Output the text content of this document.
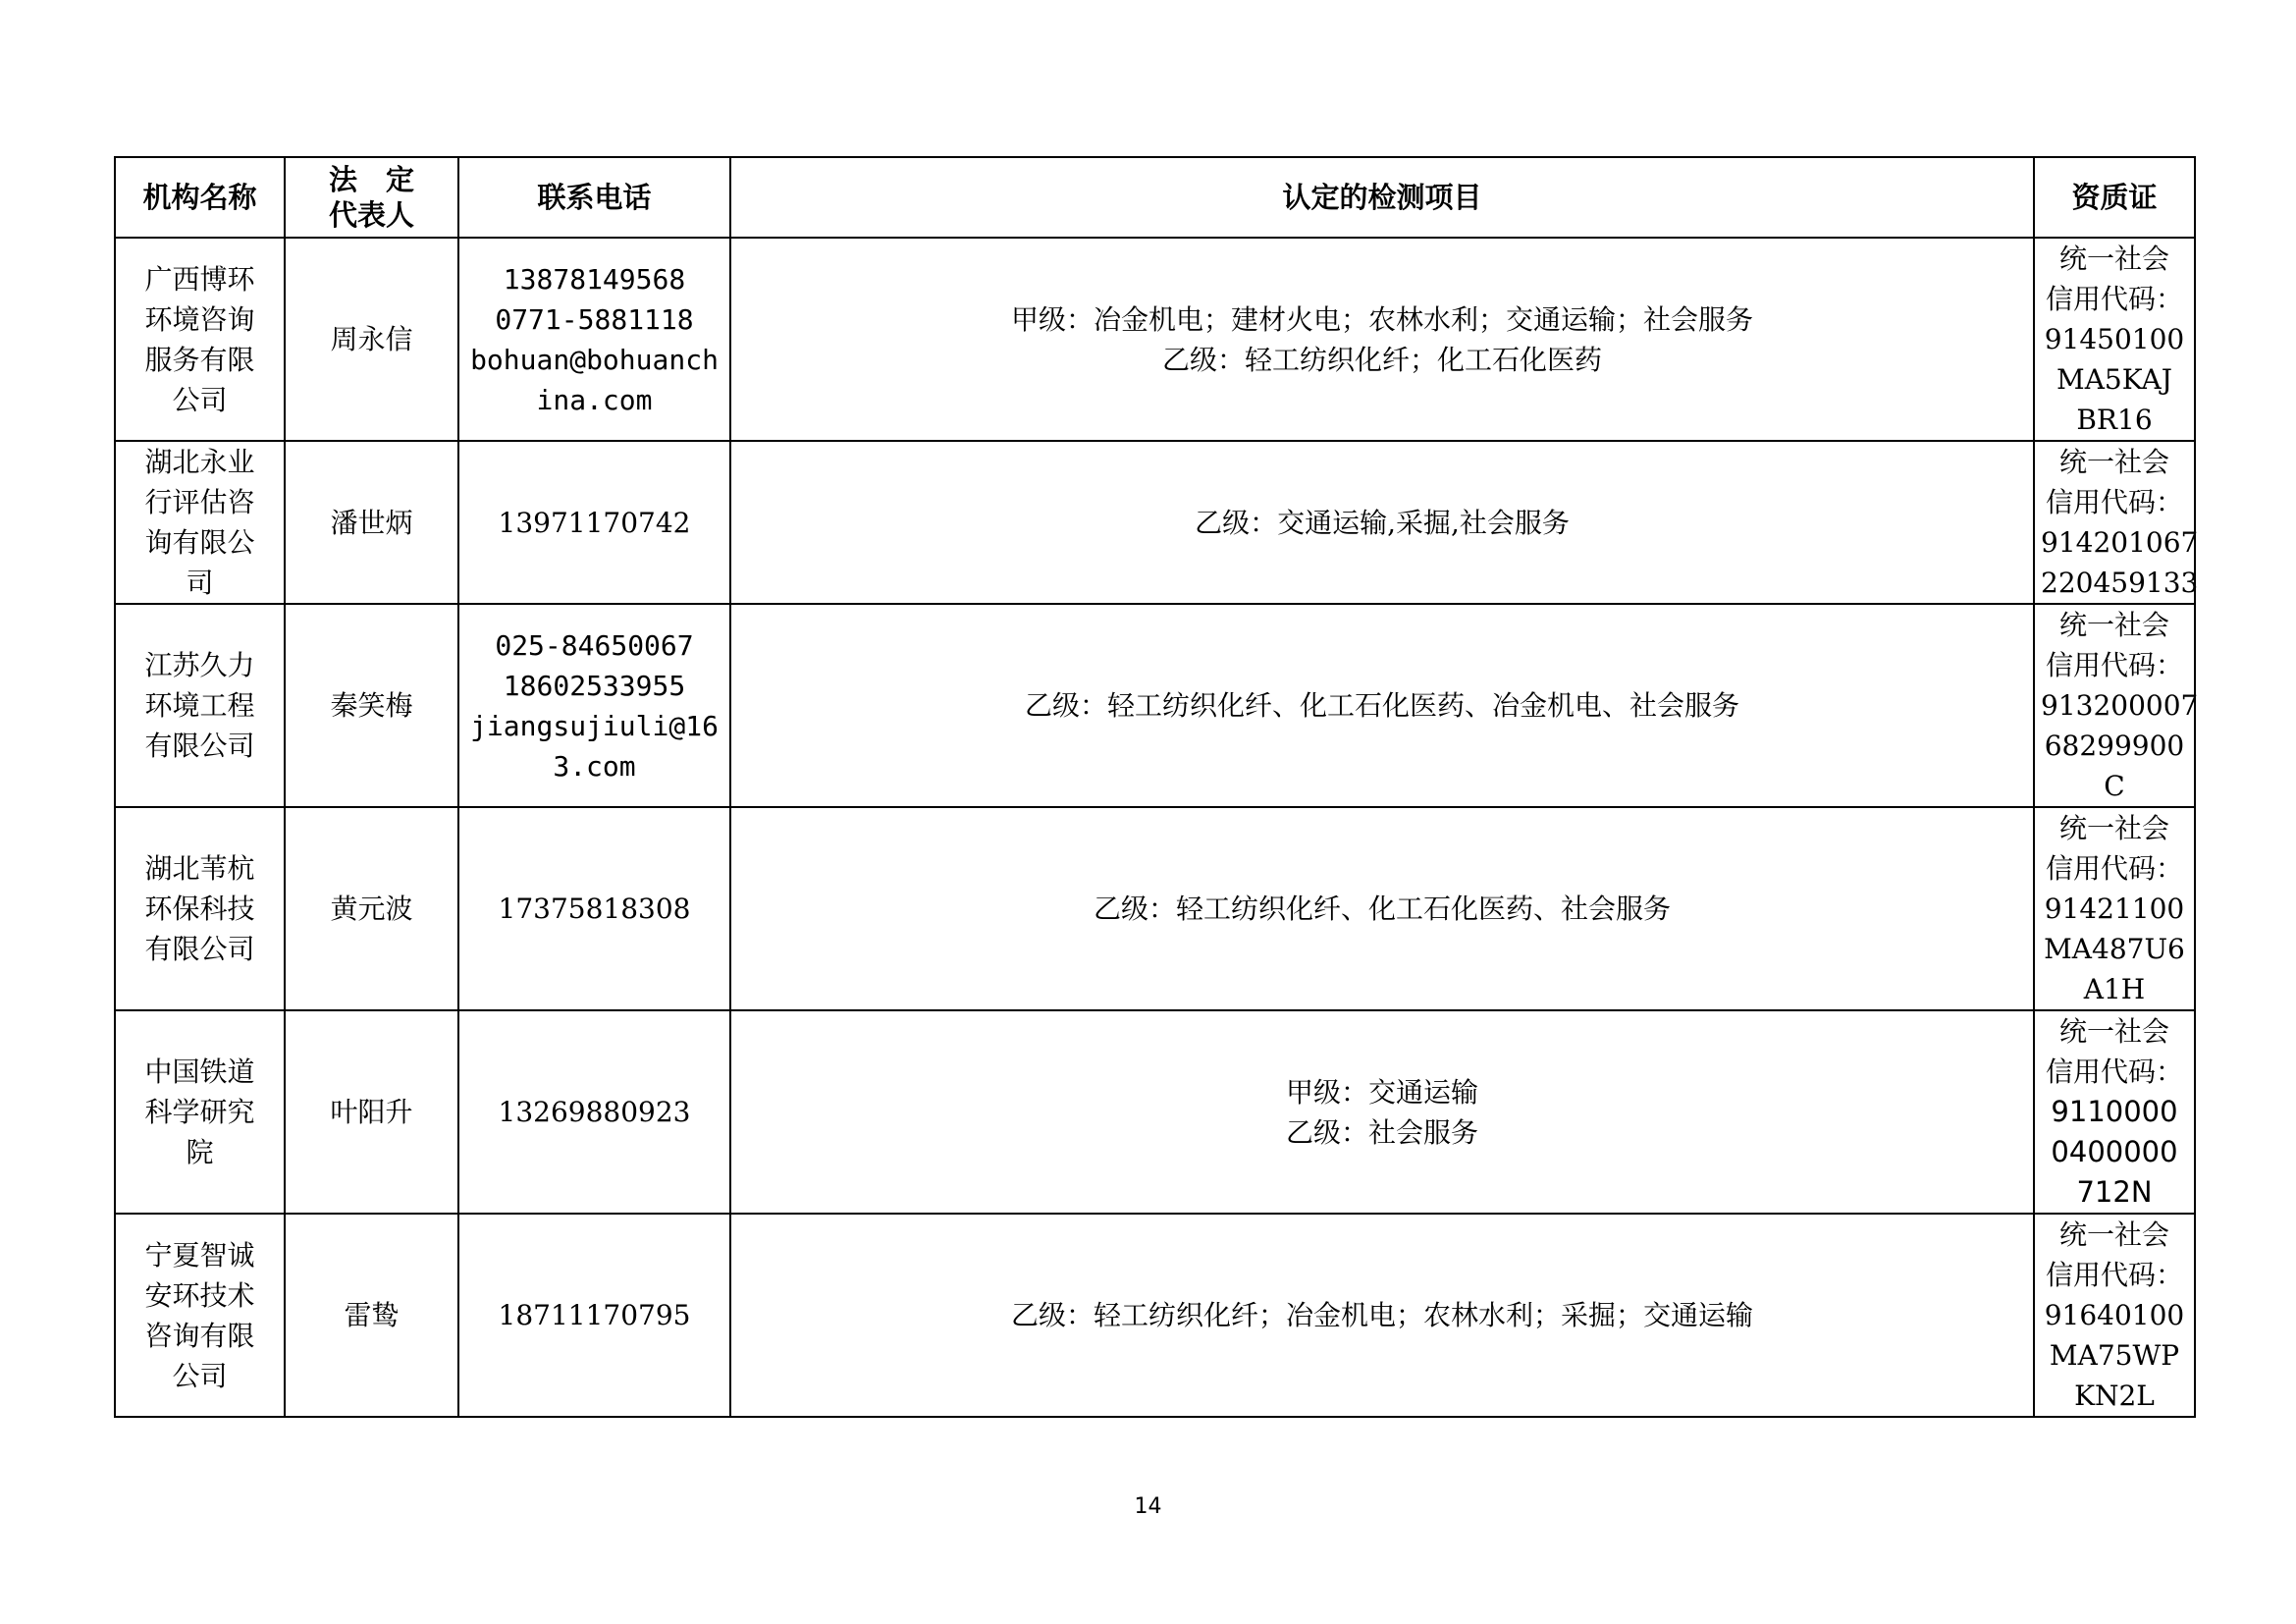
机构名称	法　定
代表人	联系电话	认定的检测项目	资质证

广西博环环境咨询服务有限公司	周永信	13878149568
0771-5881118
bohuan@bohuanch
ina.com	甲级：冶金机电；建材火电；农林水利；交通运输；社会服务
乙级：轻工纺织化纤；化工石化医药	统一社会
信用代码：
91450100
MA5KAJ
BR16

湖北永业行评估咨询有限公司	潘世炳	13971170742	乙级：交通运输,采掘,社会服务	统一社会
信用代码：
914201067
220459133

江苏久力环境工程有限公司	秦笑梅	025-84650067
18602533955
jiangsujiuli@16
3.com	乙级：轻工纺织化纤、化工石化医药、冶金机电、社会服务	统一社会
信用代码：
913200007
68299900
C

湖北苇杭环保科技有限公司	黄元波	17375818308	乙级：轻工纺织化纤、化工石化医药、社会服务	统一社会
信用代码：
91421100
MA487U6
A1H

中国铁道科学研究院	叶阳升	13269880923	甲级：交通运输
乙级：社会服务	统一社会
信用代码：
9110000
0400000
712N

宁夏智诚安环技术咨询有限公司	雷鸷	18711170795	乙级：轻工纺织化纤；冶金机电；农林水利；采掘；交通运输	统一社会
信用代码：
91640100
MA75WP
KN2L
14
